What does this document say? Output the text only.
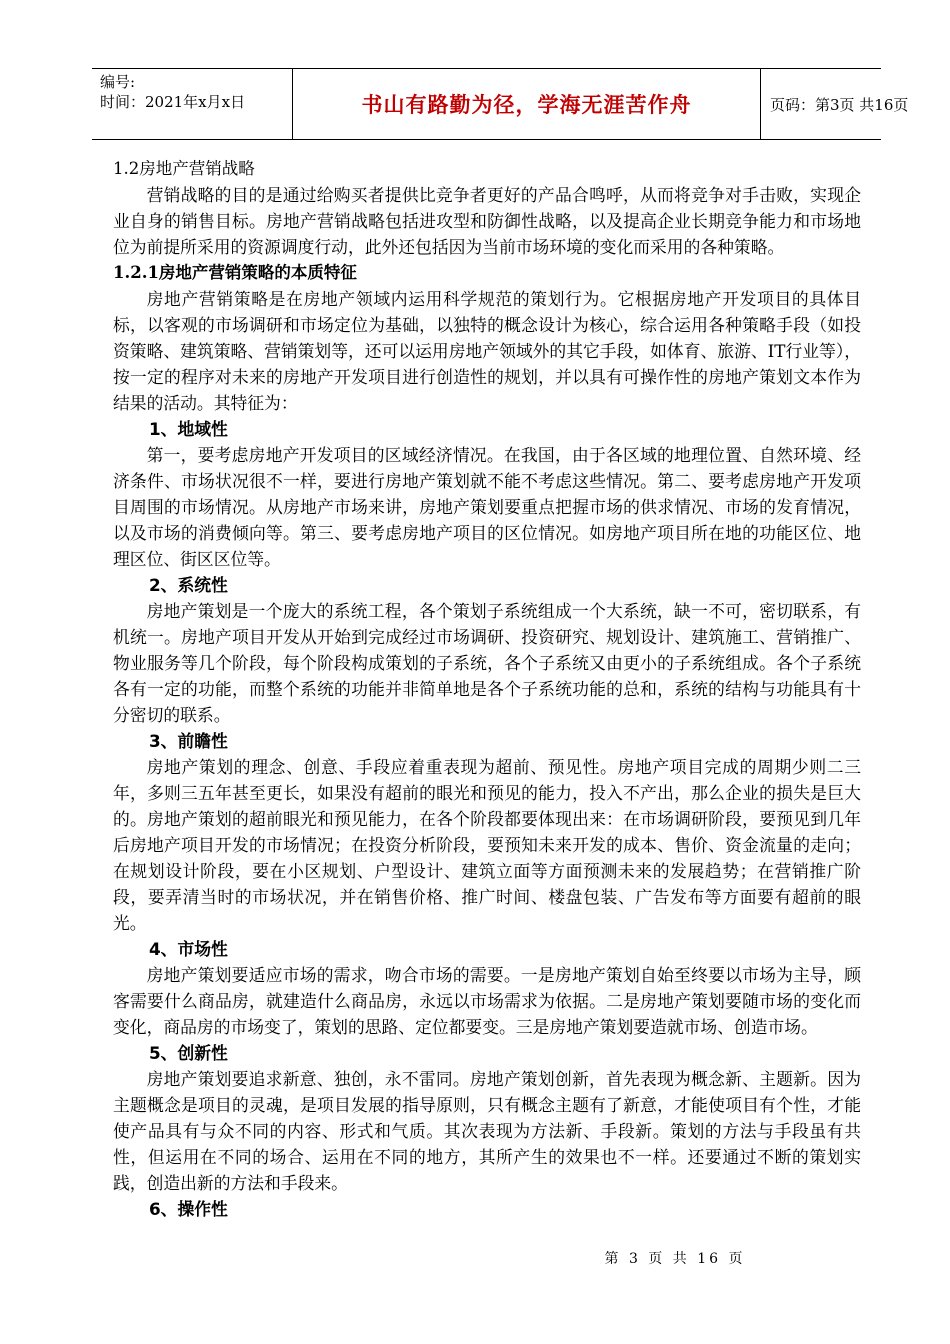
编号:
时间：2021年x月x日	书山有路勤为径，学海无涯苦作舟	页码：第3页 共16页

1.2房地产营销战略

营销战略的目的是通过给购买者提供比竞争者更好的产品合鸣呼，从而将竞争对手击败，实现企业自身的销售目标。房地产营销战略包括进攻型和防御性战略，以及提高企业长期竞争能力和市场地位为前提所采用的资源调度行动，此外还包括因为当前市场环境的变化而采用的各种策略。

1.2.1房地产营销策略的本质特征

房地产营销策略是在房地产领域内运用科学规范的策划行为。它根据房地产开发项目的具体目标，以客观的市场调研和市场定位为基础，以独特的概念设计为核心，综合运用各种策略手段（如投资策略、建筑策略、营销策划等，还可以运用房地产领域外的其它手段，如体育、旅游、IT行业等），按一定的程序对未来的房地产开发项目进行创造性的规划，并以具有可操作性的房地产策划文本作为结果的活动。其特征为：

1、地域性

第一，要考虑房地产开发项目的区域经济情况。在我国，由于各区域的地理位置、自然环境、经济条件、市场状况很不一样，要进行房地产策划就不能不考虑这些情况。第二、要考虑房地产开发项目周围的市场情况。从房地产市场来讲，房地产策划要重点把握市场的供求情况、市场的发育情况，以及市场的消费倾向等。第三、要考虑房地产项目的区位情况。如房地产项目所在地的功能区位、地理区位、街区区位等。

2、系统性

房地产策划是一个庞大的系统工程，各个策划子系统组成一个大系统，缺一不可，密切联系，有机统一。房地产项目开发从开始到完成经过市场调研、投资研究、规划设计、建筑施工、营销推广、物业服务等几个阶段，每个阶段构成策划的子系统，各个子系统又由更小的子系统组成。各个子系统各有一定的功能，而整个系统的功能并非简单地是各个子系统功能的总和，系统的结构与功能具有十分密切的联系。

3、前瞻性

房地产策划的理念、创意、手段应着重表现为超前、预见性。房地产项目完成的周期少则二三年，多则三五年甚至更长，如果没有超前的眼光和预见的能力，投入不产出，那么企业的损失是巨大的。房地产策划的超前眼光和预见能力，在各个阶段都要体现出来：在市场调研阶段，要预见到几年后房地产项目开发的市场情况；在投资分析阶段，要预知未来开发的成本、售价、资金流量的走向；在规划设计阶段，要在小区规划、户型设计、建筑立面等方面预测未来的发展趋势；在营销推广阶段，要弄清当时的市场状况，并在销售价格、推广时间、楼盘包装、广告发布等方面要有超前的眼光。

4、市场性

房地产策划要适应市场的需求，吻合市场的需要。一是房地产策划自始至终要以市场为主导，顾客需要什么商品房，就建造什么商品房，永远以市场需求为依据。二是房地产策划要随市场的变化而变化，商品房的市场变了，策划的思路、定位都要变。三是房地产策划要造就市场、创造市场。

5、创新性

房地产策划要追求新意、独创，永不雷同。房地产策划创新，首先表现为概念新、主题新。因为主题概念是项目的灵魂，是项目发展的指导原则，只有概念主题有了新意，才能使项目有个性，才能使产品具有与众不同的内容、形式和气质。其次表现为方法新、手段新。策划的方法与手段虽有共性，但运用在不同的场合、运用在不同的地方，其所产生的效果也不一样。还要通过不断的策划实践，创造出新的方法和手段来。

6、操作性

第 3 页 共 16 页
